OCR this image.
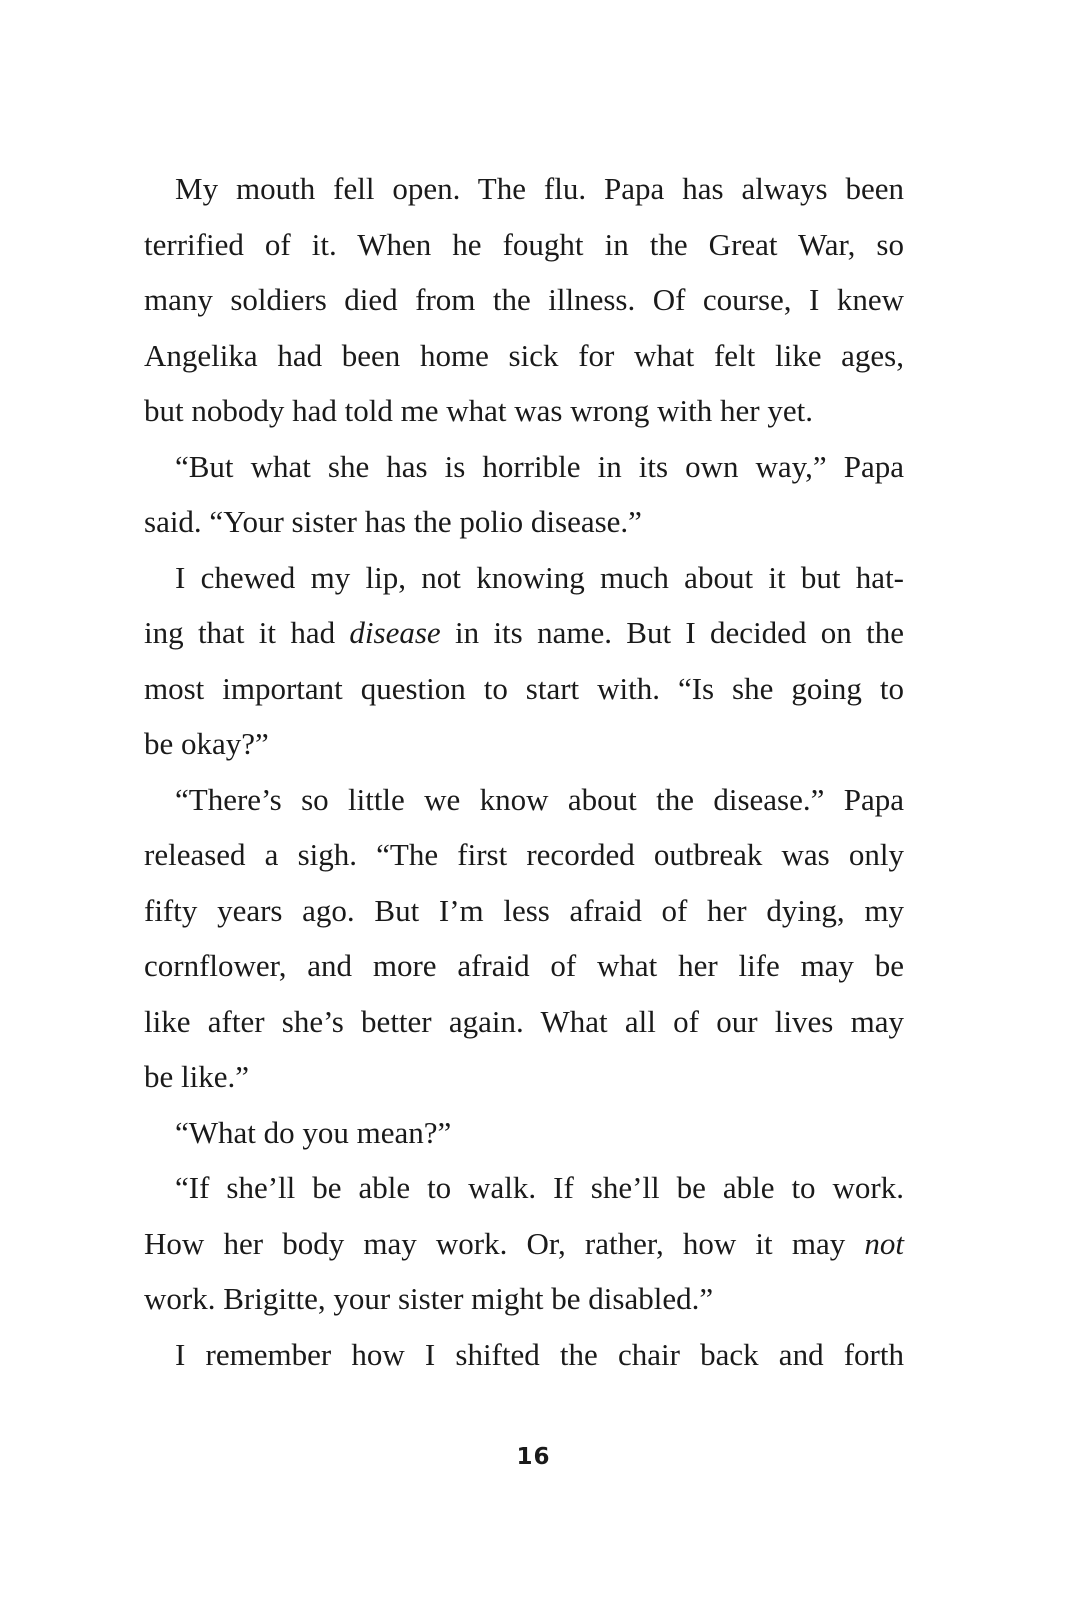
My mouth fell open. The flu. Papa has always been
terrified of it. When he fought in the Great War, so
many soldiers died from the illness. Of course, I knew
Angelika had been home sick for what felt like ages,
but nobody had told me what was wrong with her yet.
“But what she has is horrible in its own way,” Papa
said. “Your sister has the polio disease.”
I chewed my lip, not knowing much about it but hat-
ing that it had disease in its name. But I decided on the
most important question to start with. “Is she going to
be okay?”
“There’s so little we know about the disease.” Papa
released a sigh. “The first recorded outbreak was only
fifty years ago. But I’m less afraid of her dying, my
cornflower, and more afraid of what her life may be
like after she’s better again. What all of our lives may
be like.”
“What do you mean?”
“If she’ll be able to walk. If she’ll be able to work.
How her body may work. Or, rather, how it may not
work. Brigitte, your sister might be disabled.”
I remember how I shifted the chair back and forth
16
